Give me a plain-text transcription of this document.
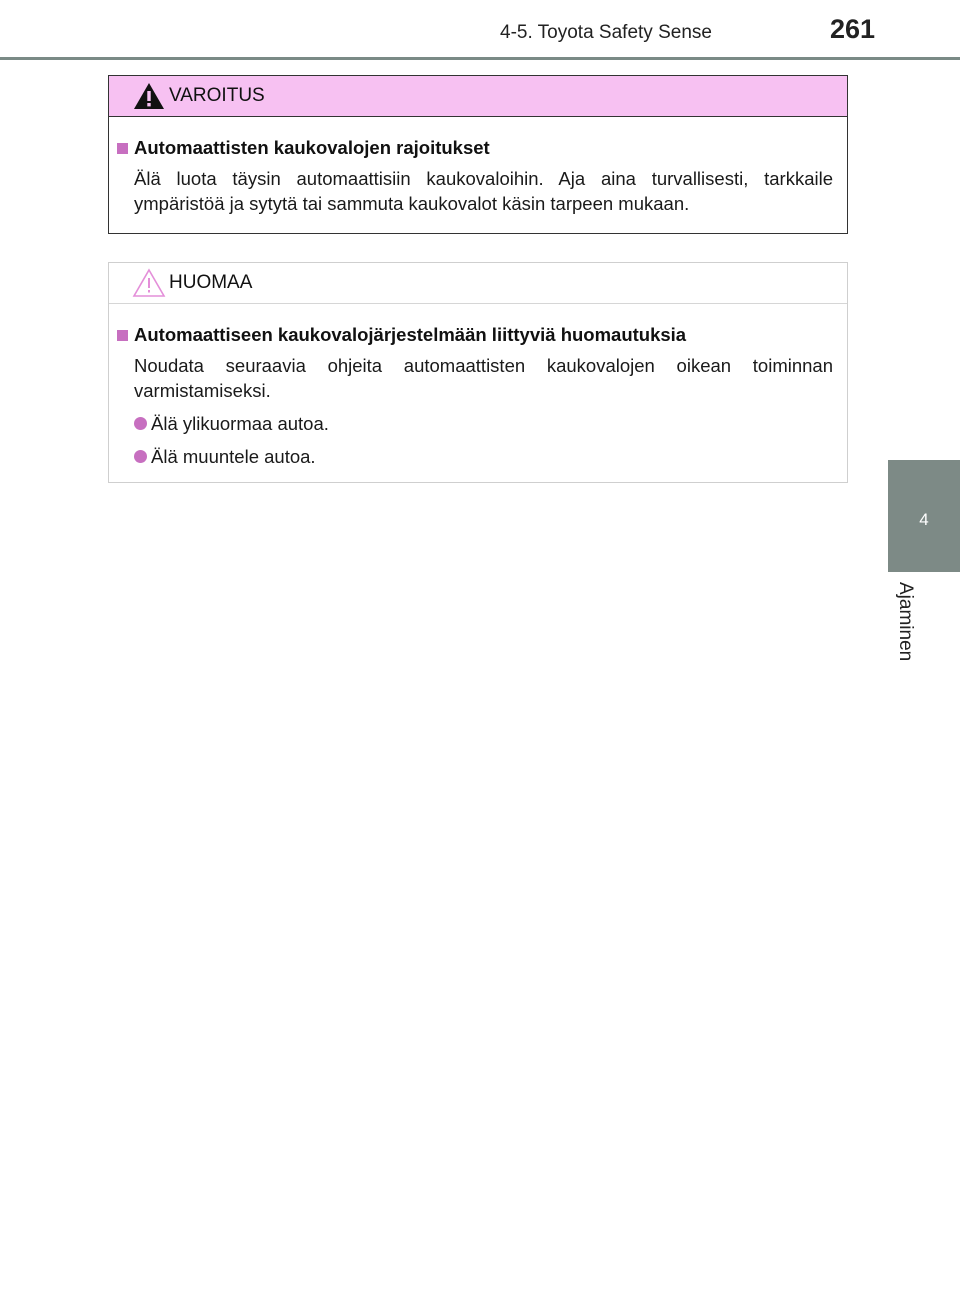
4-5. Toyota Safety Sense	261
4
Ajaminen
VAROITUS
Automaattisten kaukovalojen rajoitukset

Älä luota täysin automaattisiin kaukovaloihin. Aja aina turvallisesti, tarkkaile ympäristöä ja sytytä tai sammuta kaukovalot käsin tarpeen mukaan.

HUOMAA
Automaattiseen kaukovalojärjestelmään liittyviä huomautuksia

Noudata seuraavia ohjeita automaattisten kaukovalojen oikean toiminnan varmistamiseksi.

Älä ylikuormaa autoa.
Älä muuntele autoa.
